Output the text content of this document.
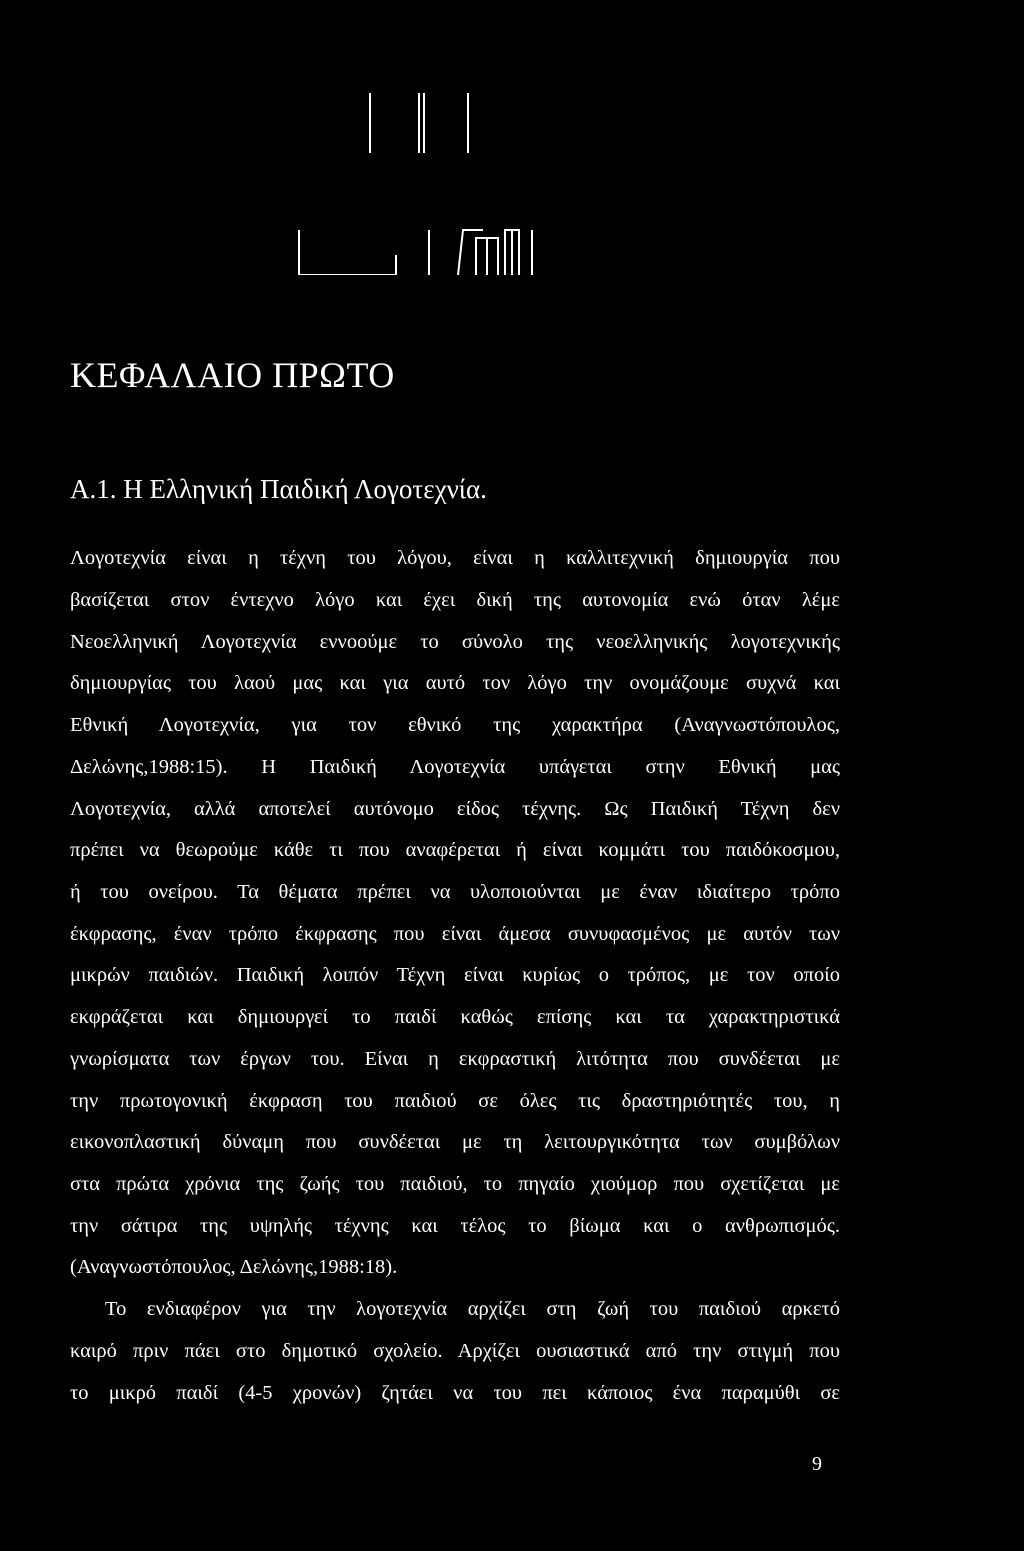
ΚΕΦΑΛΑΙΟ ΠΡΩΤΟ
Α.1. Η Ελληνική Παιδική Λογοτεχνία.
Λογοτεχνία είναι η τέχνη του λόγου, είναι η καλλιτεχνική δημιουργία που
βασίζεται στον έντεχνο λόγο και έχει δική της αυτονομία ενώ όταν λέμε
Νεοελληνική Λογοτεχνία εννοούμε το σύνολο της νεοελληνικής λογοτεχνικής
δημιουργίας του λαού μας και για αυτό τον λόγο την ονομάζουμε συχνά και
Εθνική Λογοτεχνία, για τον εθνικό της χαρακτήρα (Αναγνωστόπουλος,
Δελώνης,1988:15). Η Παιδική Λογοτεχνία υπάγεται στην Εθνική μας
Λογοτεχνία, αλλά αποτελεί αυτόνομο είδος τέχνης. Ως Παιδική Τέχνη δεν
πρέπει να θεωρούμε κάθε τι που αναφέρεται ή είναι κομμάτι του παιδόκοσμου,
ή του ονείρου. Τα θέματα πρέπει να υλοποιούνται με έναν ιδιαίτερο τρόπο
έκφρασης, έναν τρόπο έκφρασης που είναι άμεσα συνυφασμένος με αυτόν των
μικρών παιδιών. Παιδική λοιπόν Τέχνη είναι κυρίως ο τρόπος, με τον οποίο
εκφράζεται και δημιουργεί το παιδί καθώς επίσης και τα χαρακτηριστικά
γνωρίσματα των έργων του. Είναι η εκφραστική λιτότητα που συνδέεται με
την πρωτογονική έκφραση του παιδιού σε όλες τις δραστηριότητές του, η
εικονοπλαστική δύναμη που συνδέεται με τη λειτουργικότητα των συμβόλων
στα πρώτα χρόνια της ζωής του παιδιού, το πηγαίο χιούμορ που σχετίζεται με
την σάτιρα της υψηλής τέχνης και τέλος το βίωμα και ο ανθρωπισμός.
(Αναγνωστόπουλος, Δελώνης,1988:18).
Το ενδιαφέρον για την λογοτεχνία αρχίζει στη ζωή του παιδιού αρκετό
καιρό πριν πάει στο δημοτικό σχολείο. Αρχίζει ουσιαστικά από την στιγμή που
το μικρό παιδί (4-5 χρονών) ζητάει να του πει κάποιος ένα παραμύθι σε
9
